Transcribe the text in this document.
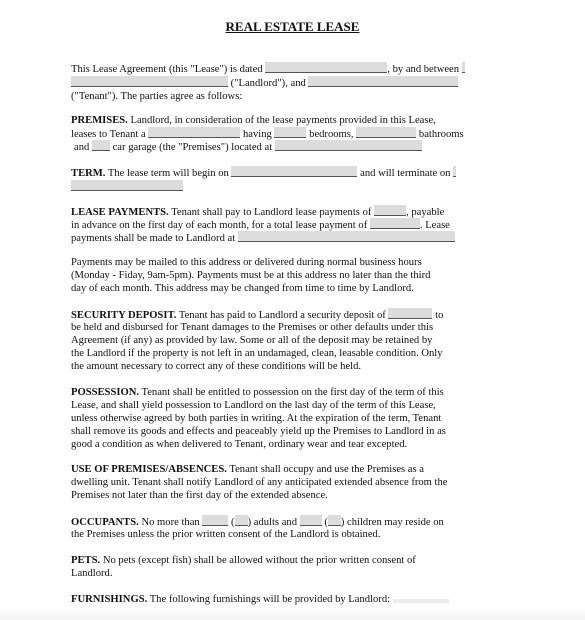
REAL ESTATE LEASE
This Lease Agreement (this "Lease") is dated	, by and between
("Landlord"), and
("Tenant"). The parties agree as follows:
PREMISES. Landlord, in consideration of the lease payments provided in this Lease,
leases to Tenant a	having	bedrooms,	bathrooms
and car garage (the "Premises") located at
TERM. The lease term will begin on	and will terminate on
LEASE PAYMENTS. Tenant shall pay to Landlord lease payments of	, payable
in advance on the first day of each month, for a total lease payment of	. Lease
payments shall be made to Landlord at
Payments may be mailed to this address or delivered during normal business hours
(Monday - Fiday, 9am-5pm). Payments must be at this address no later than the third
day of each month. This address may be changed from time to time by Landlord.
SECURITY DEPOSIT. Tenant has paid to Landlord a security deposit of	to
be held and disbursed for Tenant damages to the Premises or other defaults under this
Agreement (if any) as provided by law. Some or all of the deposit may be retained by
the Landlord if the property is not left in an undamaged, clean, leasable condition. Only
the amount necessary to correct any of these conditions will be held.
POSSESSION. Tenant shall be entitled to possession on the first day of the term of this
Lease, and shall yield possession to Landlord on the last day of the term of this Lease,
unless otherwise agreed by both parties in writing. At the expiration of the term, Tenant
shall remove its goods and effects and peaceably yield up the Premises to Landlord in as
good a condition as when delivered to Tenant, ordinary wear and tear excepted.
USE OF PREMISES/ABSENCES. Tenant shall occupy and use the Premises as a
dwelling unit. Tenant shall notify Landlord of any anticipated extended absence from the
Premises not later than the first day of the extended absence.
OCCUPANTS. No more than	( ) adults and	( ) children may reside on
the Premises unless the prior written consent of the Landlord is obtained.
PETS. No pets (except fish) shall be allowed without the prior written consent of
Landlord.
FURNISHINGS. The following furnishings will be provided by Landlord:
